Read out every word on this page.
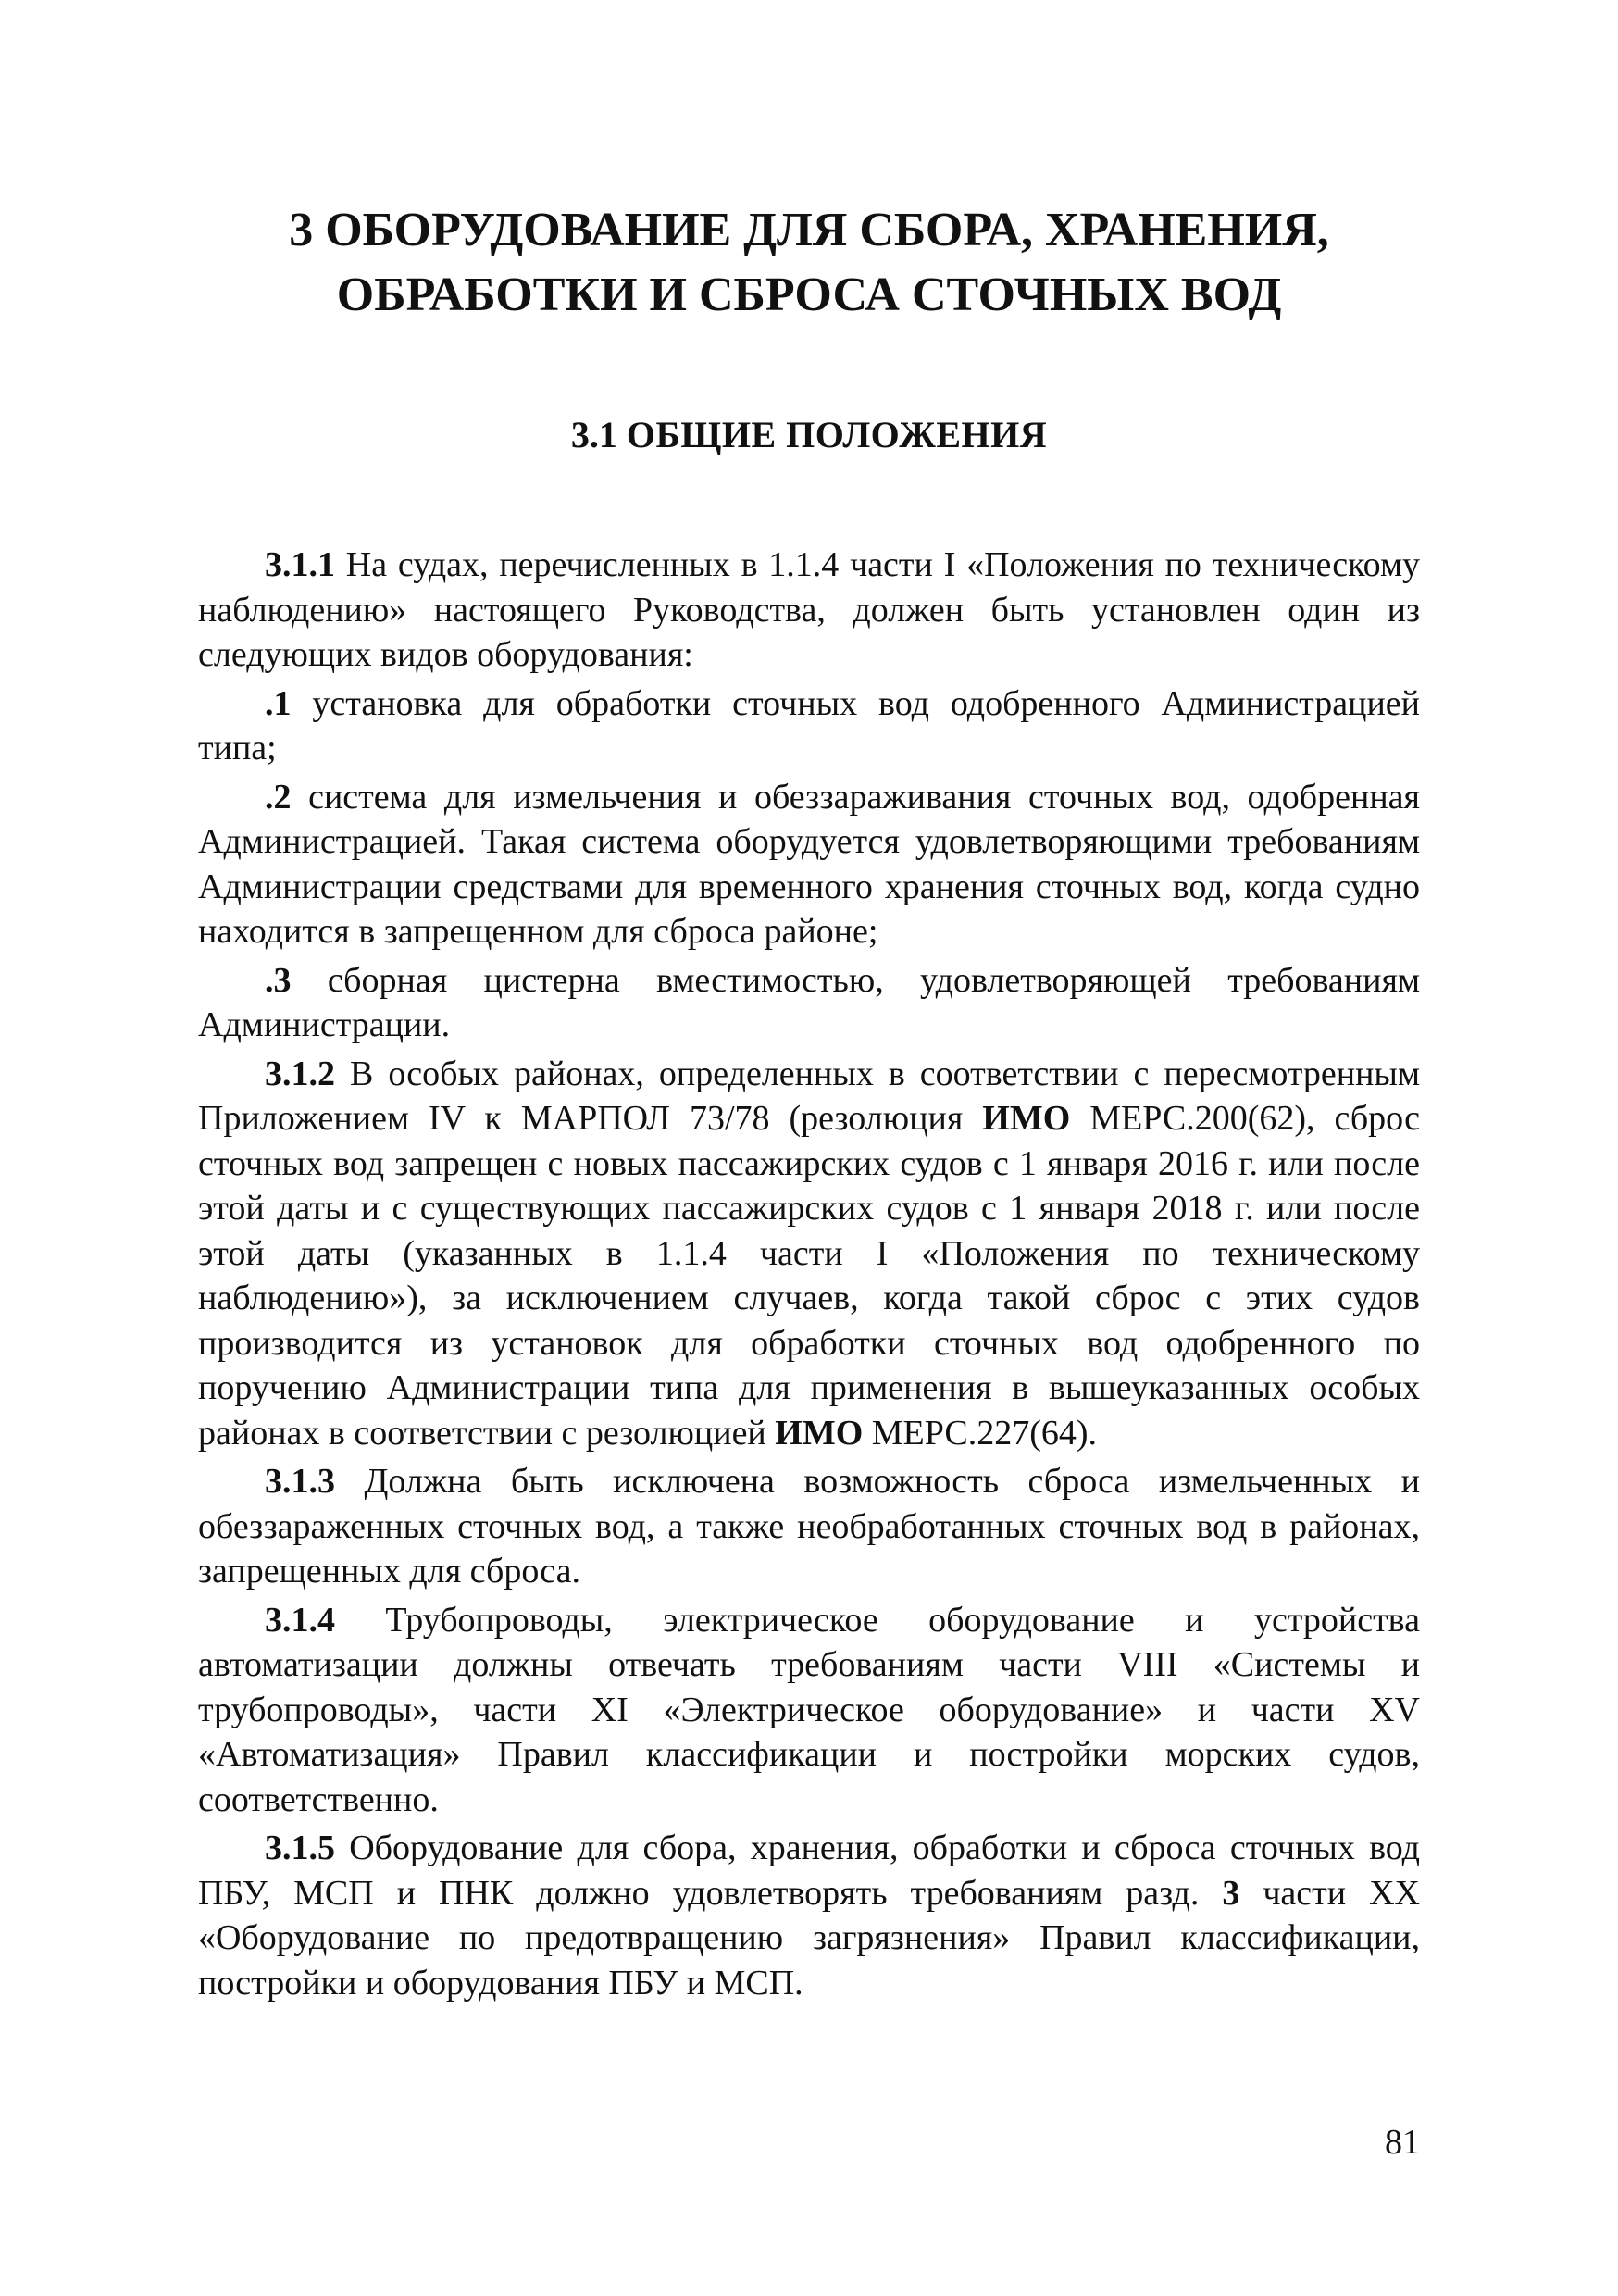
3 ОБОРУДОВАНИЕ ДЛЯ СБОРА, ХРАНЕНИЯ,
ОБРАБОТКИ И СБРОСА СТОЧНЫХ ВОД
3.1 ОБЩИЕ ПОЛОЖЕНИЯ

3.1.1 На судах, перечисленных в 1.1.4 части I «Положения по техническому наблюдению» настоящего Руководства, должен быть установлен один из следующих видов оборудования:

.1 установка для обработки сточных вод одобренного Администрацией типа;

.2 система для измельчения и обеззараживания сточных вод, одобренная Администрацией. Такая система оборудуется удовлетворяющими требованиям Администрации средствами для временного хранения сточных вод, когда судно находится в запрещенном для сброса районе;

.3 сборная цистерна вместимостью, удовлетворяющей требованиям Администрации.

3.1.2 В особых районах, определенных в соответствии с пересмотренным Приложением IV к МАРПОЛ 73/78 (резолюция ИМО МЕРС.200(62), сброс сточных вод запрещен с новых пассажирских судов с 1 января 2016 г. или после этой даты и с существующих пассажирских судов с 1 января 2018 г. или после этой даты (указанных в 1.1.4 части I «Положения по техническому наблюдению»), за исключением случаев, когда такой сброс с этих судов производится из установок для обработки сточных вод одобренного по поручению Администрации типа для применения в вышеуказанных особых районах в соответствии с резолюцией ИМО МЕРС.227(64).

3.1.3 Должна быть исключена возможность сброса измельченных и обеззараженных сточных вод, а также необработанных сточных вод в районах, запрещенных для сброса.

3.1.4 Трубопроводы, электрическое оборудование и устройства автоматизации должны отвечать требованиям части VIII «Системы и трубопроводы», части XI «Электрическое оборудование» и части XV «Автоматизация» Правил классификации и постройки морских судов, соответственно.

3.1.5 Оборудование для сбора, хранения, обработки и сброса сточных вод ПБУ, МСП и ПНК должно удовлетворять требованиям разд. 3 части XX «Оборудование по предотвращению загрязнения» Правил классификации, постройки и оборудования ПБУ и МСП.

81
